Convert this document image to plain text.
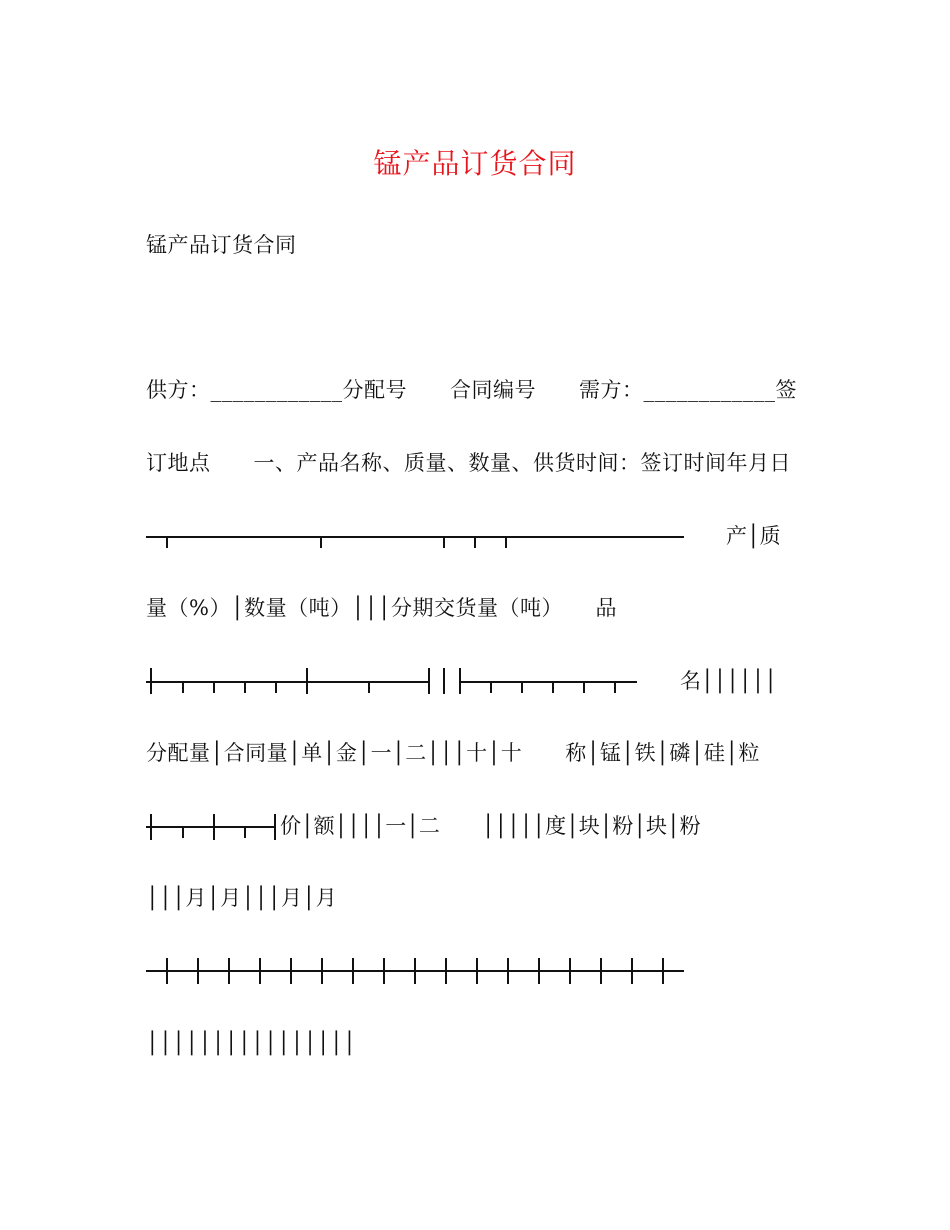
锰产品订货合同
锰产品订货合同
供方：____________分配号　　合同编号　　需方：____________签
订地点　　一、产品名称、质量、数量、供货时间：签订时间年月日
产│质
量（%）│数量（吨）│││分期交货量（吨）　　品
名││││││
分配量│合同量│单│金│一│二│││十│十　　称│锰│铁│磷│硅│粒
价│额││││一│二　　│││││度│块│粉│块│粉
│││月│月│││月│月
││││││││││││││││
